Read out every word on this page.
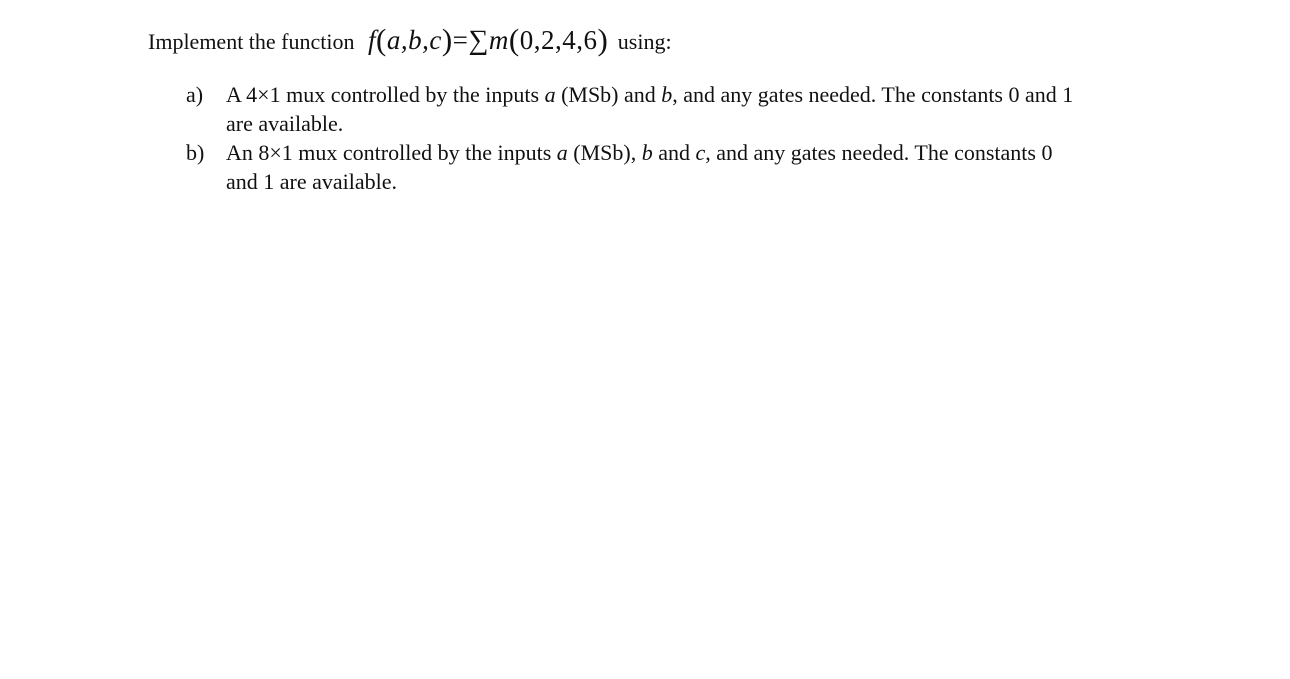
Implement the function f(a,b,c)=∑m(0,2,4,6) using:
a) A 4×1 mux controlled by the inputs a (MSb) and b, and any gates needed. The constants 0 and 1
are available.
b) An 8×1 mux controlled by the inputs a (MSb), b and c, and any gates needed. The constants 0
and 1 are available.
